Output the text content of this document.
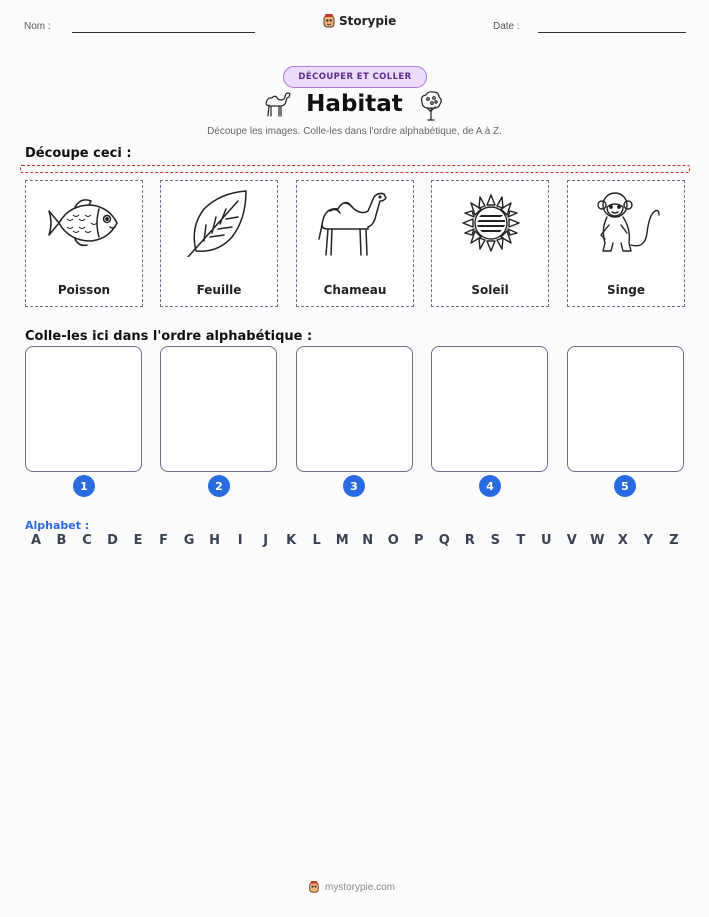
Nom :	Storypie	Date :
DÉCOUPER ET COLLER
Habitat
Découpe les images. Colle-les dans l'ordre alphabétique, de A à Z.
Découpe ceci :
Poisson	Feuille	Chameau	Soleil	Singe
Colle-les ici dans l'ordre alphabétique :
1	2	3	4	5
Alphabet :
A	B	C	D	E	F	G	H	I	J	K	L	M	N	O	P	Q	R	S	T	U	V	W	X	Y	Z
mystorypie.com
